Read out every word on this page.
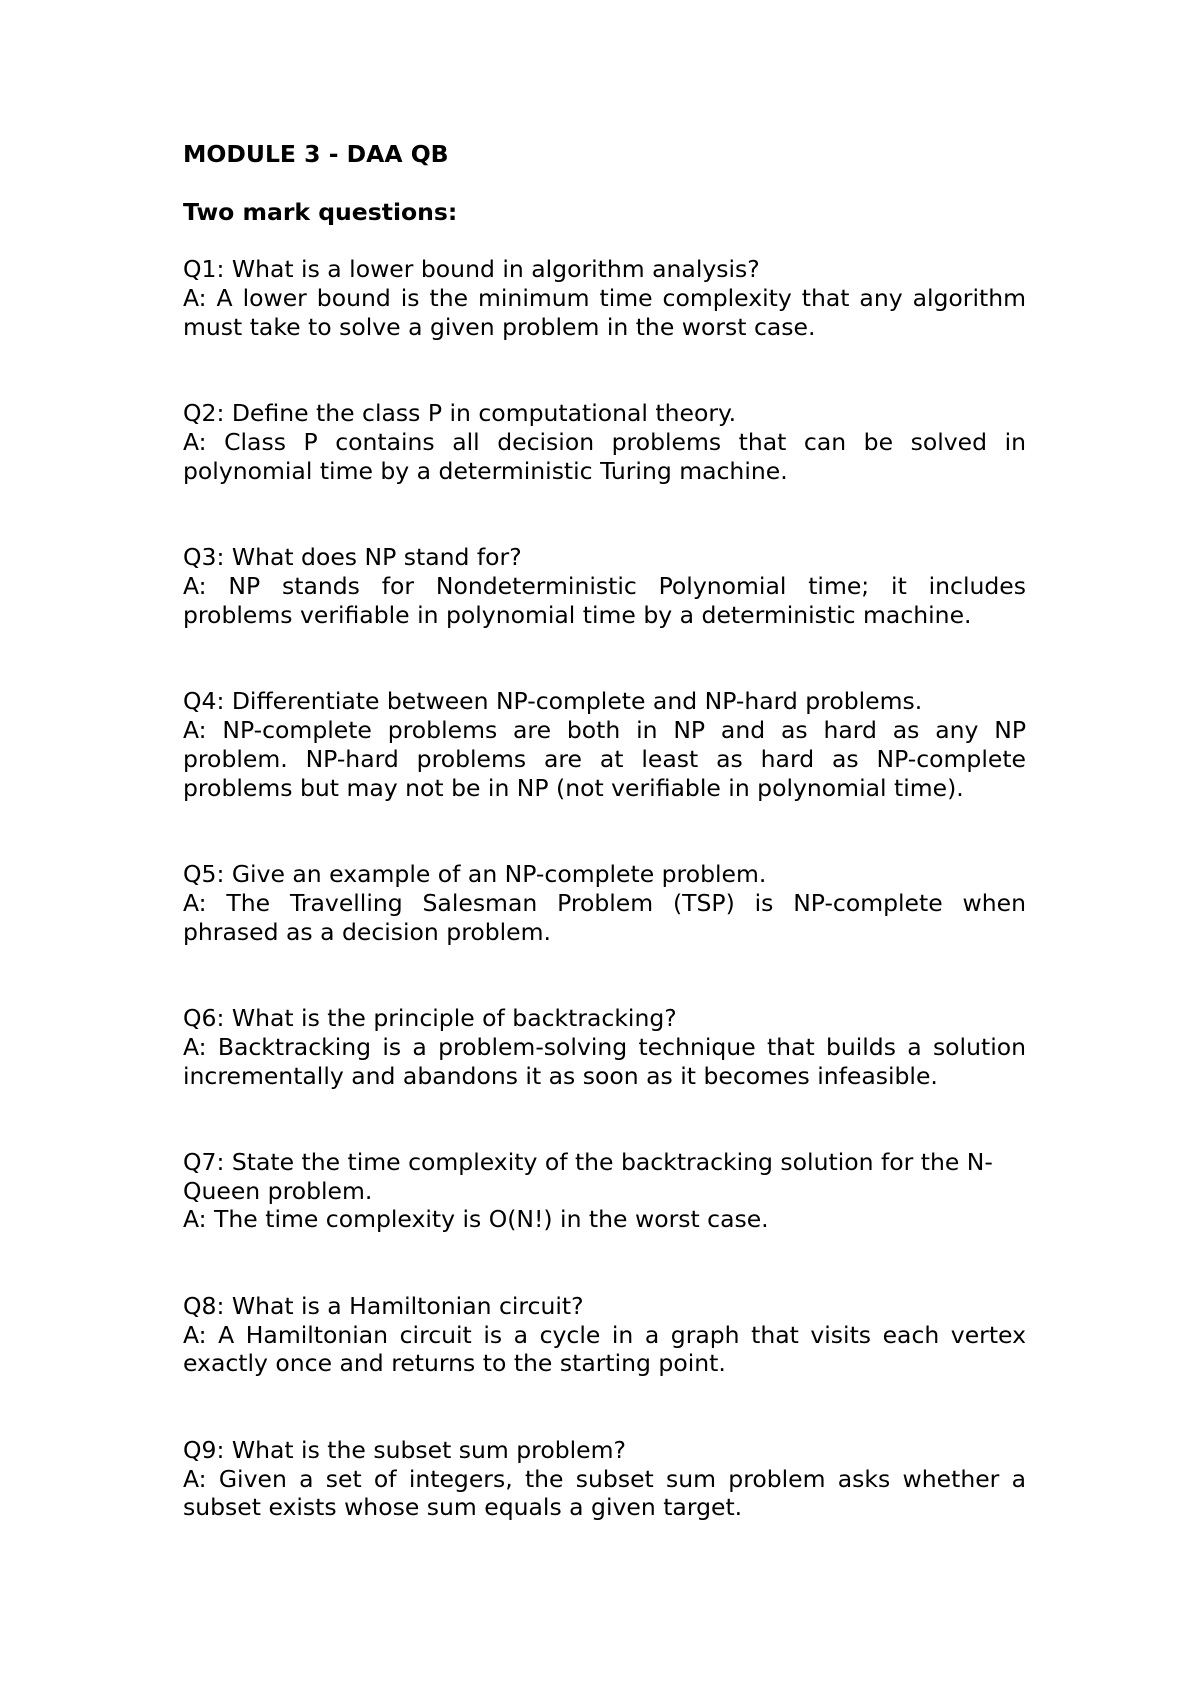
MODULE 3 - DAA QB
Two mark questions:
Q1: What is a lower bound in algorithm analysis?
A: A lower bound is the minimum time complexity that any algorithm must take to solve a given problem in the worst case.
Q2: Define the class P in computational theory.
A: Class P contains all decision problems that can be solved in polynomial time by a deterministic Turing machine.
Q3: What does NP stand for?
A: NP stands for Nondeterministic Polynomial time; it includes problems verifiable in polynomial time by a deterministic machine.
Q4: Differentiate between NP-complete and NP-hard problems.
A: NP-complete problems are both in NP and as hard as any NP problem. NP-hard problems are at least as hard as NP-complete problems but may not be in NP (not verifiable in polynomial time).
Q5: Give an example of an NP-complete problem.
A: The Travelling Salesman Problem (TSP) is NP-complete when phrased as a decision problem.
Q6: What is the principle of backtracking?
A: Backtracking is a problem-solving technique that builds a solution incrementally and abandons it as soon as it becomes infeasible.
Q7: State the time complexity of the backtracking solution for the N-Queen problem.
A: The time complexity is O(N!) in the worst case.
Q8: What is a Hamiltonian circuit?
A: A Hamiltonian circuit is a cycle in a graph that visits each vertex exactly once and returns to the starting point.
Q9: What is the subset sum problem?
A: Given a set of integers, the subset sum problem asks whether a subset exists whose sum equals a given target.
